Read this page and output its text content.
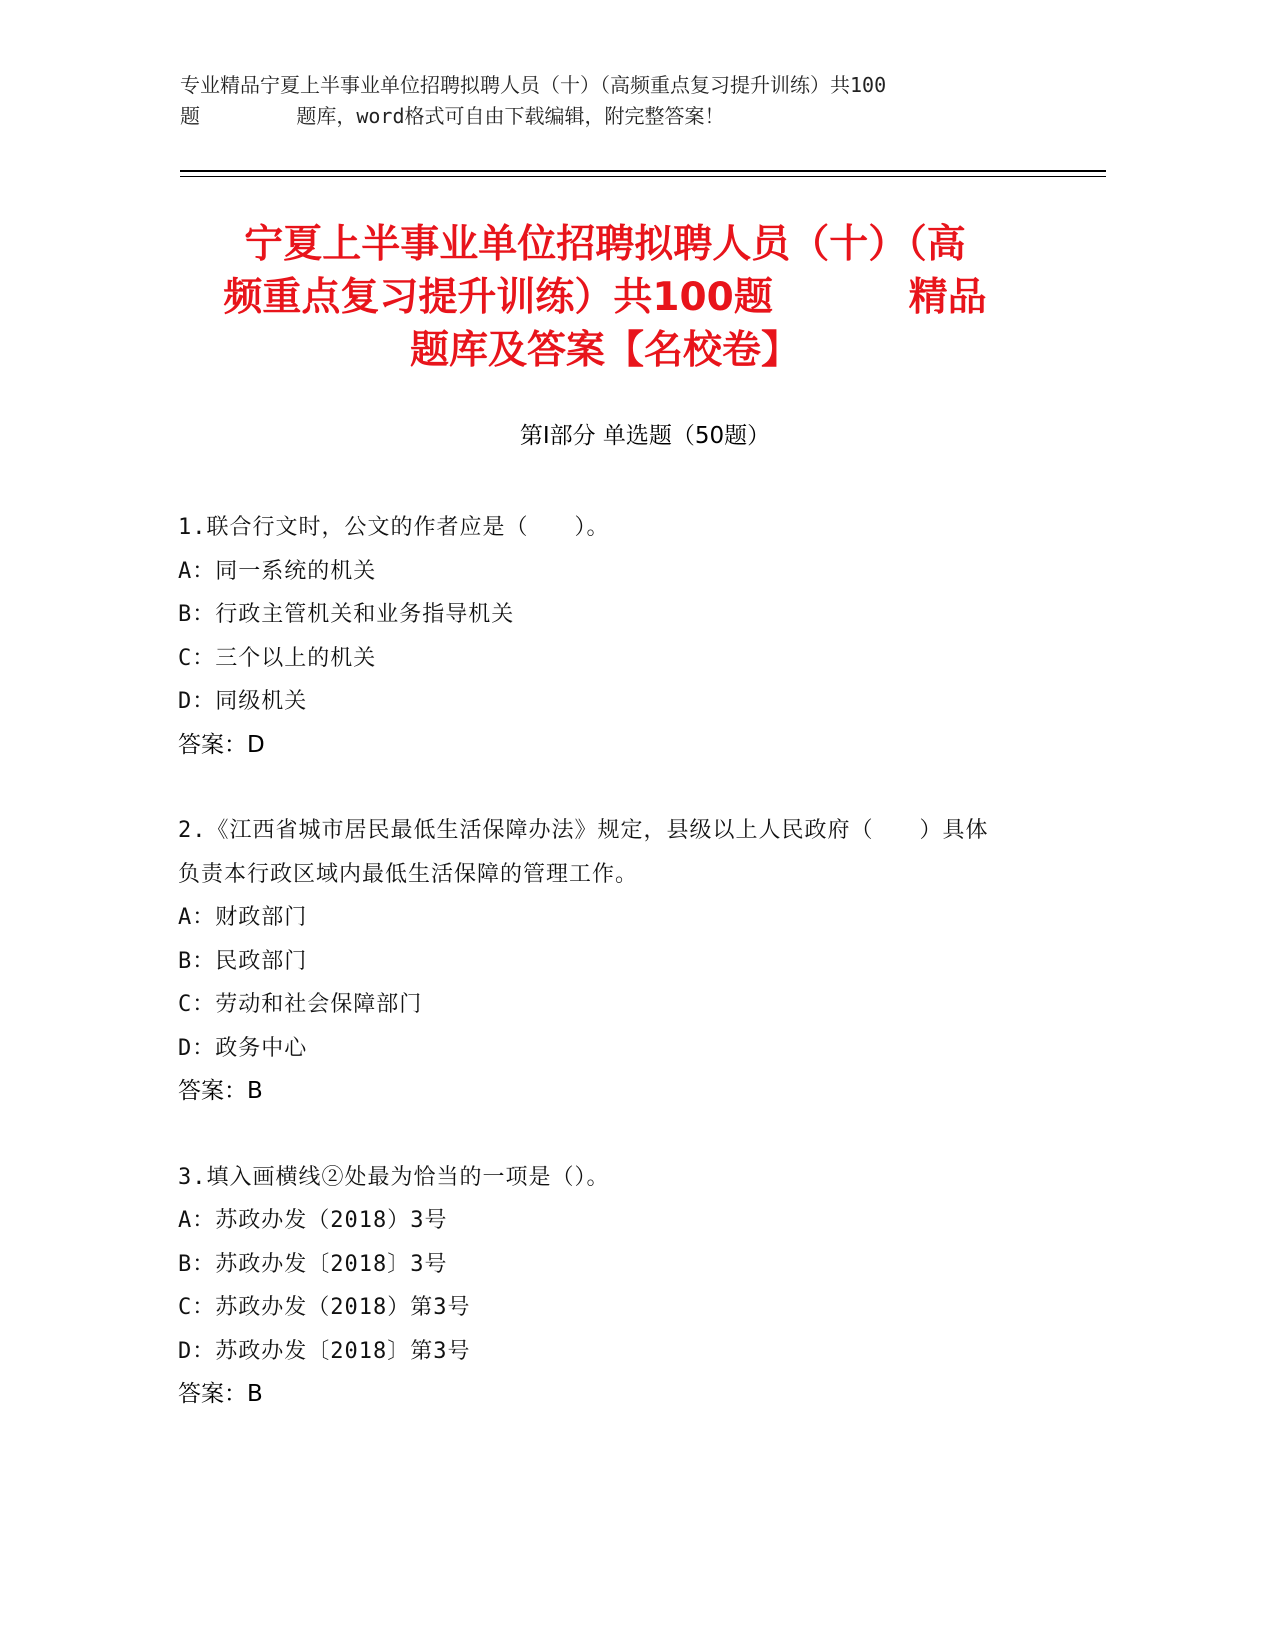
专业精品宁夏上半事业单位招聘拟聘人员（十）（高频重点复习提升训练）共100
题        题库，word格式可自由下载编辑，附完整答案！
宁夏上半事业单位招聘拟聘人员（十）（高
频重点复习提升训练）共100题          精品
题库及答案【名校卷】
第Ⅰ部分 单选题（50题）
1.联合行文时，公文的作者应是（　　）。
A：同一系统的机关
B：行政主管机关和业务指导机关
C：三个以上的机关
D：同级机关
答案：D
2.《江西省城市居民最低生活保障办法》规定，县级以上人民政府（　　）具体负责本行政区域内最低生活保障的管理工作。
A：财政部门
B：民政部门
C：劳动和社会保障部门
D：政务中心
答案：B
3.填入画横线②处最为恰当的一项是（）。
A：苏政办发（2018）3号
B：苏政办发〔2018〕3号
C：苏政办发（2018）第3号
D：苏政办发〔2018〕第3号
答案：B
